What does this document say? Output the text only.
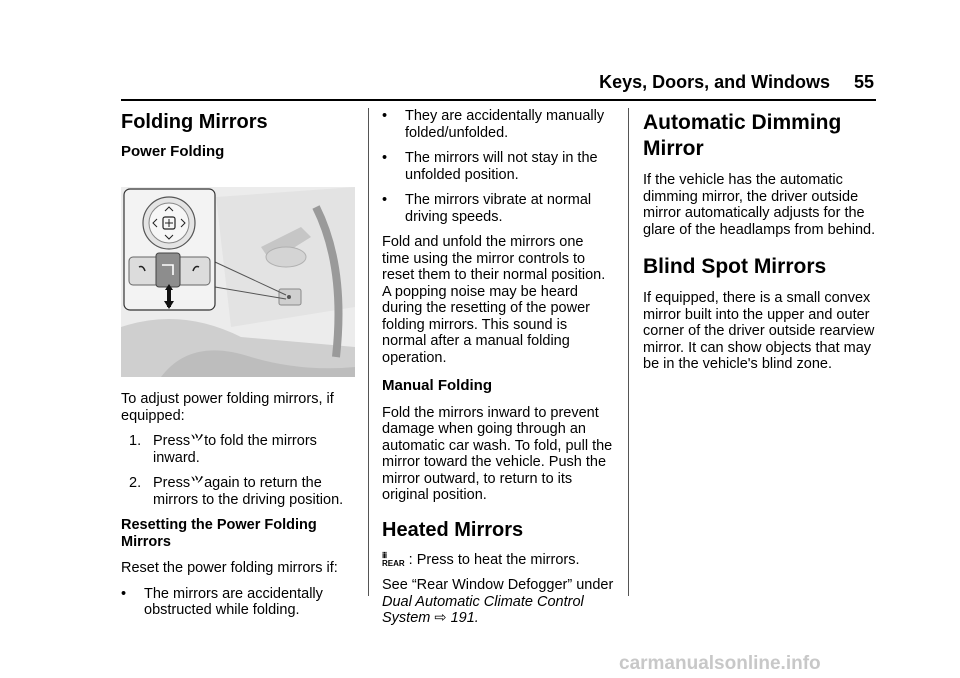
Keys, Doors, and Windows 55
Folding Mirrors
Power Folding

To adjust power folding mirrors, if equipped:

1. Press⺍to fold the mirrors inward.
2. Press⺍again to return the mirrors to the driving position.
Resetting the Power Folding Mirrors

Reset the power folding mirrors if:

•	The mirrors are accidentally obstructed while folding.
•	They are accidentally manually folded/unfolded.
•	The mirrors will not stay in the unfolded position.
•	The mirrors vibrate at normal driving speeds.

Fold and unfold the mirrors one time using the mirror controls to reset them to their normal position.

A popping noise may be heard during the resetting of the power folding mirrors. This sound is normal after a manual folding operation.

Manual Folding

Fold the mirrors inward to prevent damage when going through an automatic car wash. To fold, pull the mirror toward the vehicle. Push the mirror outward, to return to its original position.

Heated Mirrors

ⅲ
REAR : Press to heat the mirrors.

See “Rear Window Defogger” under
Dual Automatic Climate Control System ⇨ 191.

Automatic Dimming Mirror

If the vehicle has the automatic dimming mirror, the driver outside mirror automatically adjusts for the glare of the headlamps from behind.

Blind Spot Mirrors

If equipped, there is a small convex mirror built into the upper and outer corner of the driver outside rearview mirror. It can show objects that may be in the vehicle's blind zone.

carmanualsonline.info
